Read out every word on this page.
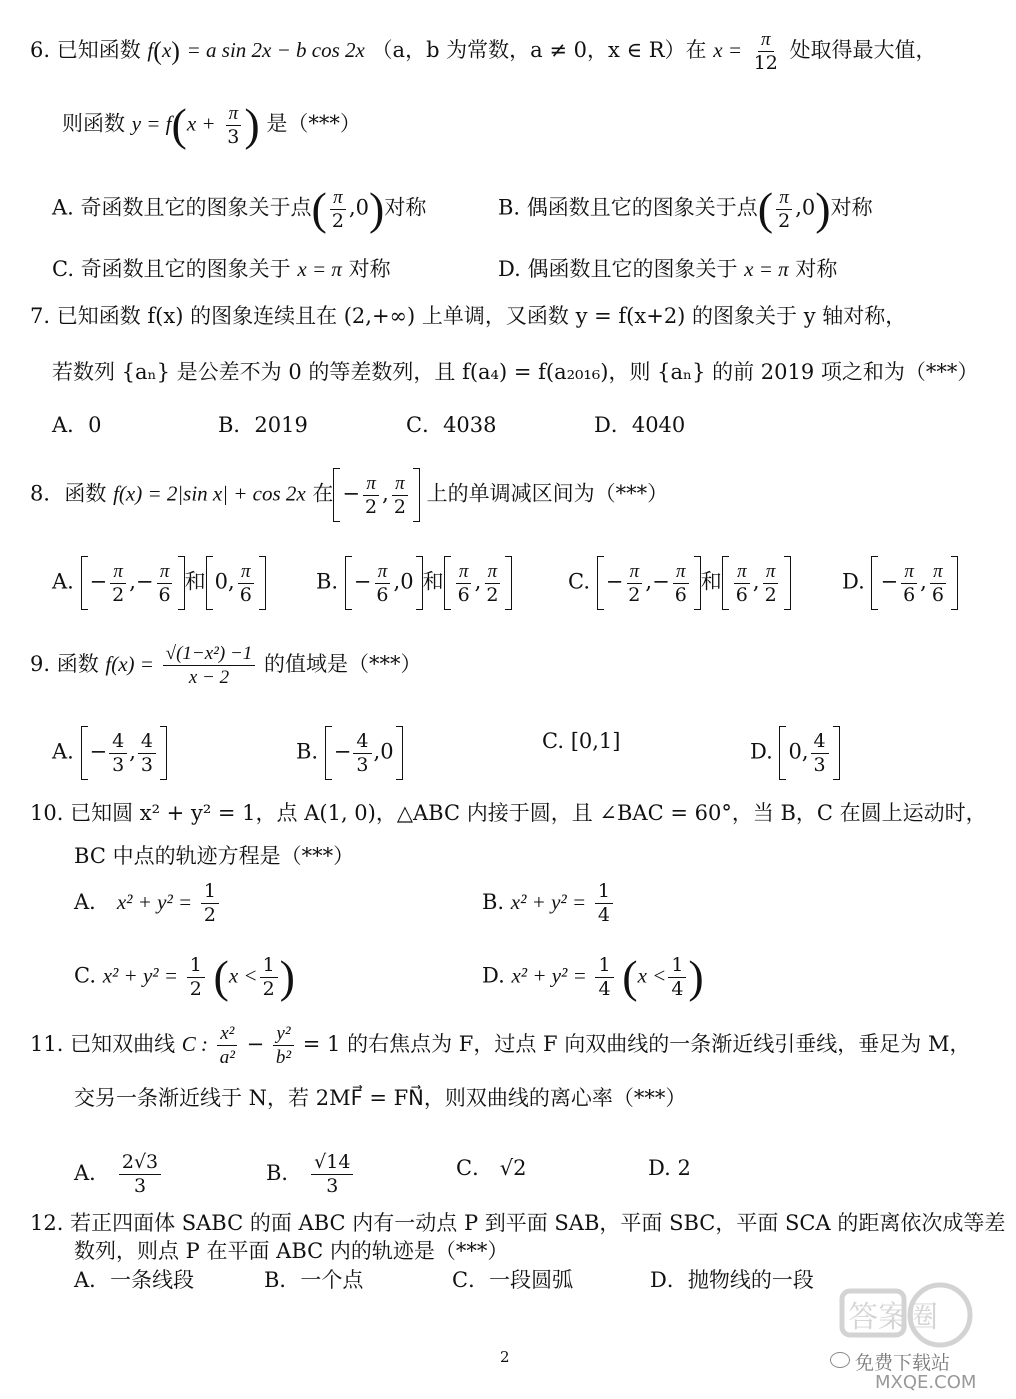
6. 已知函数 f(x) = a sin 2x − b cos 2x （a，b 为常数，a ≠ 0，x ∈ R）在 $x = \frac{\pi}{12}$ 处取得最大值，
则函数 $y = f(x + \frac{\pi}{3}$ ) 是（***）
A. 奇函数且它的图象关于点( $\frac{\pi}{2} ,0$)对称	B. 偶函数且它的图象关于点( $\frac{\pi}{2} ,0$)对称
C. 奇函数且它的图象关于 x = π 对称	D. 偶函数且它的图象关于 x = π 对称
7. 已知函数 f(x) 的图象连续且在 (2,+∞) 上单调，又函数 y = f(x+2) 的图象关于 y 轴对称，
若数列 {aₙ} 是公差不为 0 的等差数列，且 f(a₄) = f(a₂₀₁₆)，则 {aₙ} 的前 2019 项之和为（***）
A．0	B．2019	C．4038	D．4040
8．函数 f(x) = 2|sin x| + cos 2x 在 − $\frac{\pi}{2}$ , $\frac{\pi}{2}$ 上的单调减区间为（***）
A. − $\frac{\pi}{2}$ ,− $\frac{\pi}{6}$ 和 0, $\frac{\pi}{6}$	B. − $\frac{\pi}{6} ,0$ 和 $\frac{\pi}{6}$ , $\frac{\pi}{2}$	C. − $\frac{\pi}{2}$ ,− $\frac{\pi}{6}$ 和 $\frac{\pi}{6}$ , $\frac{\pi}{2}$	D. − $\frac{\pi}{6}$ , $\frac{\pi}{6}$
9. 函数 $f(x) = \frac{\text{√(1−x²) −1}}{x - 2}$ 的值域是（***）
A. − $\frac{4}{3}$ , $\frac{4}{3}$	B. − $\frac{4}{3} ,0$	C. [0,1]	D. 0, $\frac{4}{3}$
10. 已知圆 x² + y² = 1，点 A(1, 0)，△ABC 内接于圆，且 ∠BAC = 60°，当 B，C 在圆上运动时，
BC 中点的轨迹方程是（***）
A． $x^2 + y^2 = \frac{1}{2}$	B. $x^2 + y^2 = \frac{1}{4}$
C. $x^2 + y^2 = \frac{1}{2} (x < \frac{1}{2}$ )	D. $x^2 + y^2 = \frac{1}{4} (x < \frac{1}{4}$ )
11. 已知双曲线 C : $\frac{\text{x²}}{\text{a²}} - \frac{\text{y²}}{\text{b²}} = 1$ 的右焦点为 F，过点 F 向双曲线的一条渐近线引垂线，垂足为 M，
交另一条渐近线于 N，若 2MF⃗ = FN⃗，则双曲线的离心率（***）
A． $\frac{2√3}{3}$	B． $\frac{√14}{3}$	C． √2	D. 2
12. 若正四面体 SABC 的面 ABC 内有一动点 P 到平面 SAB，平面 SBC，平面 SCA 的距离依次成等差
数列，则点 P 在平面 ABC 内的轨迹是（***）
A．一条线段	B．一个点	C．一段圆弧	D．抛物线的一段
2
答案圈
免费下载站
MXQE.COM
